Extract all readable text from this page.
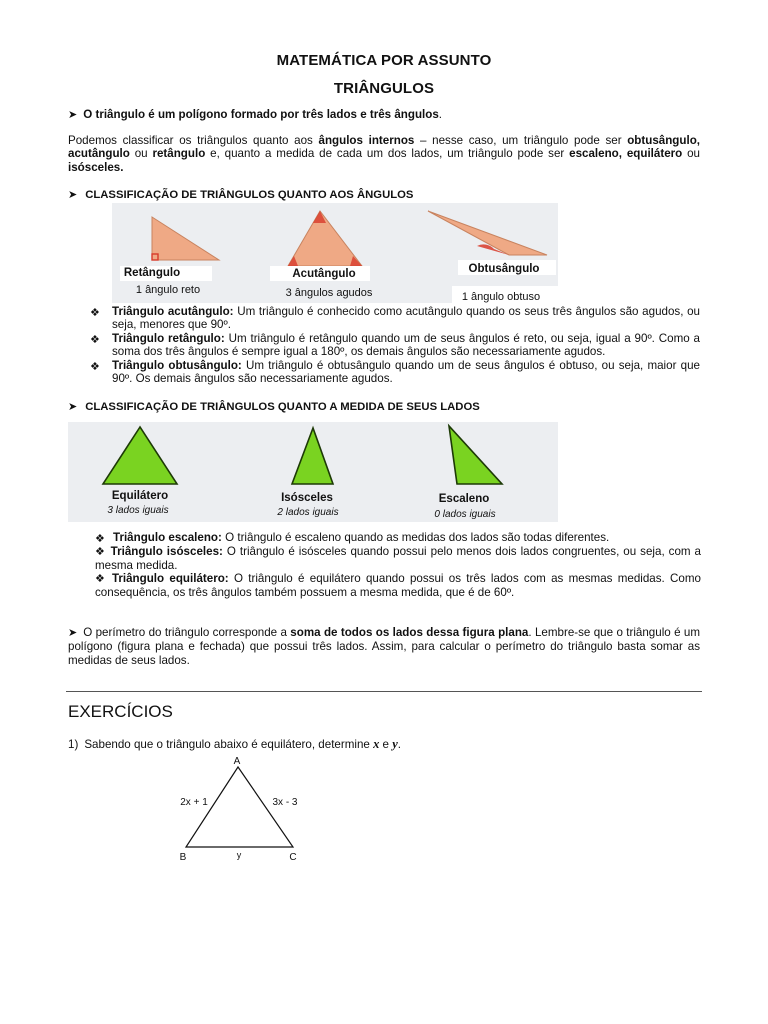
MATEMÁTICA POR ASSUNTO
TRIÂNGULOS
➤ O triângulo é um polígono formado por três lados e três ângulos.
Podemos classificar os triângulos quanto aos ângulos internos – nesse caso, um triângulo pode ser obtusângulo, acutângulo ou retângulo e, quanto a medida de cada um dos lados, um triângulo pode ser escaleno, equilátero ou isósceles.
➤ CLASSIFICAÇÃO DE TRIÂNGULOS QUANTO AOS ÂNGULOS
Retângulo
1 ângulo reto
Acutângulo
3 ângulos agudos
Obtusângulo
1 ângulo obtuso
❖ Triângulo acutângulo: Um triângulo é conhecido como acutângulo quando os seus três ângulos são agudos, ou seja, menores que 90º.
❖ Triângulo retângulo: Um triângulo é retângulo quando um de seus ângulos é reto, ou seja, igual a 90º. Como a soma dos três ângulos é sempre igual a 180º, os demais ângulos são necessariamente agudos.
❖ Triângulo obtusângulo: Um triângulo é obtusângulo quando um de seus ângulos é obtuso, ou seja, maior que 90º. Os demais ângulos são necessariamente agudos.
➤ CLASSIFICAÇÃO DE TRIÂNGULOS QUANTO A MEDIDA DE SEUS LADOS
Equilátero
3 lados iguais
Isósceles
2 lados iguais
Escaleno
0 lados iguais
❖ Triângulo escaleno: O triângulo é escaleno quando as medidas dos lados são todas diferentes.
❖ Triângulo isósceles: O triângulo é isósceles quando possui pelo menos dois lados congruentes, ou seja, com a mesma medida.
❖ Triângulo equilátero: O triângulo é equilátero quando possui os três lados com as mesmas medidas. Como consequência, os três ângulos também possuem a mesma medida, que é de 60º.
➤ O perímetro do triângulo corresponde a soma de todos os lados dessa figura plana. Lembre-se que o triângulo é um polígono (figura plana e fechada) que possui três lados. Assim, para calcular o perímetro do triângulo basta somar as medidas de seus lados.
EXERCÍCIOS
1) Sabendo que o triângulo abaixo é equilátero, determine x e y.
A
B	C
2x + 1	3x - 3
y
